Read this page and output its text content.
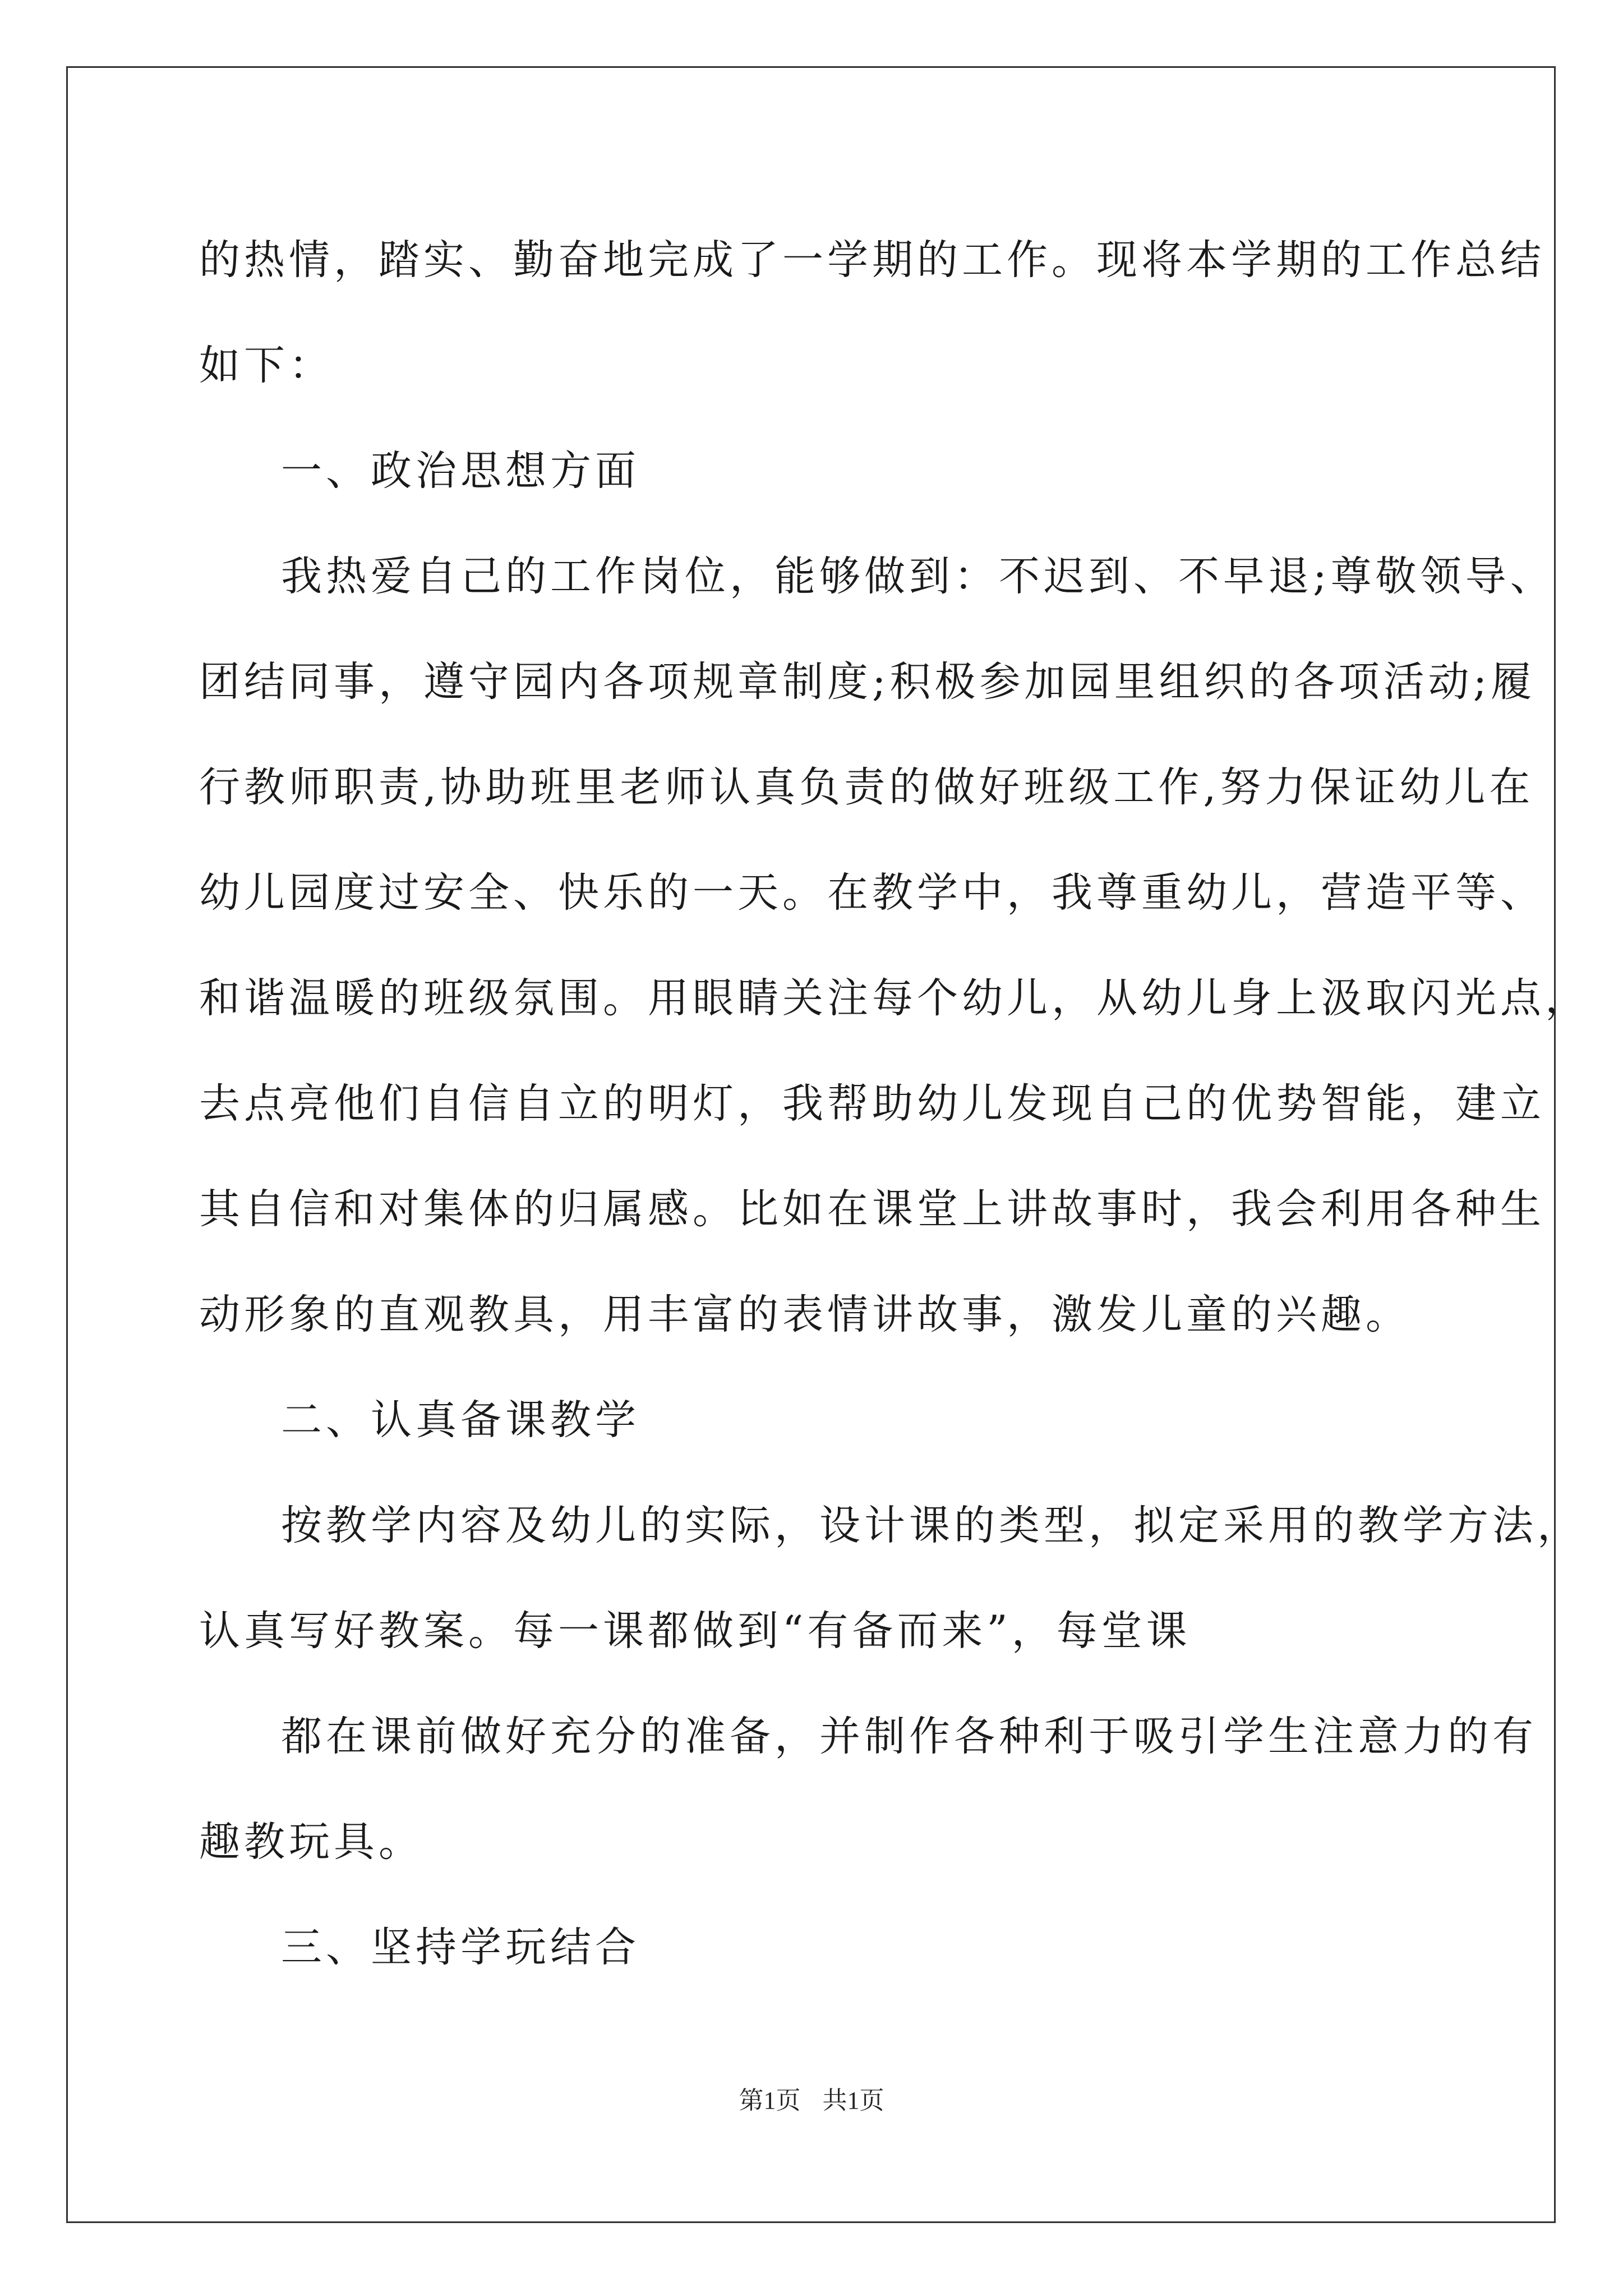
的热情，踏实、勤奋地完成了一学期的工作。现将本学期的工作总结
如下：
一、政治思想方面
我热爱自己的工作岗位，能够做到：不迟到、不早退;尊敬领导、
团结同事，遵守园内各项规章制度;积极参加园里组织的各项活动;履
行教师职责,协助班里老师认真负责的做好班级工作,努力保证幼儿在
幼儿园度过安全、快乐的一天。在教学中，我尊重幼儿，营造平等、
和谐温暖的班级氛围。用眼睛关注每个幼儿，从幼儿身上汲取闪光点，
去点亮他们自信自立的明灯，我帮助幼儿发现自己的优势智能，建立
其自信和对集体的归属感。比如在课堂上讲故事时，我会利用各种生
动形象的直观教具，用丰富的表情讲故事，激发儿童的兴趣。
二、认真备课教学
按教学内容及幼儿的实际，设计课的类型，拟定采用的教学方法，
认真写好教案。每一课都做到“有备而来”，每堂课
都在课前做好充分的准备，并制作各种利于吸引学生注意力的有
趣教玩具。
三、坚持学玩结合
第1页 共1页
